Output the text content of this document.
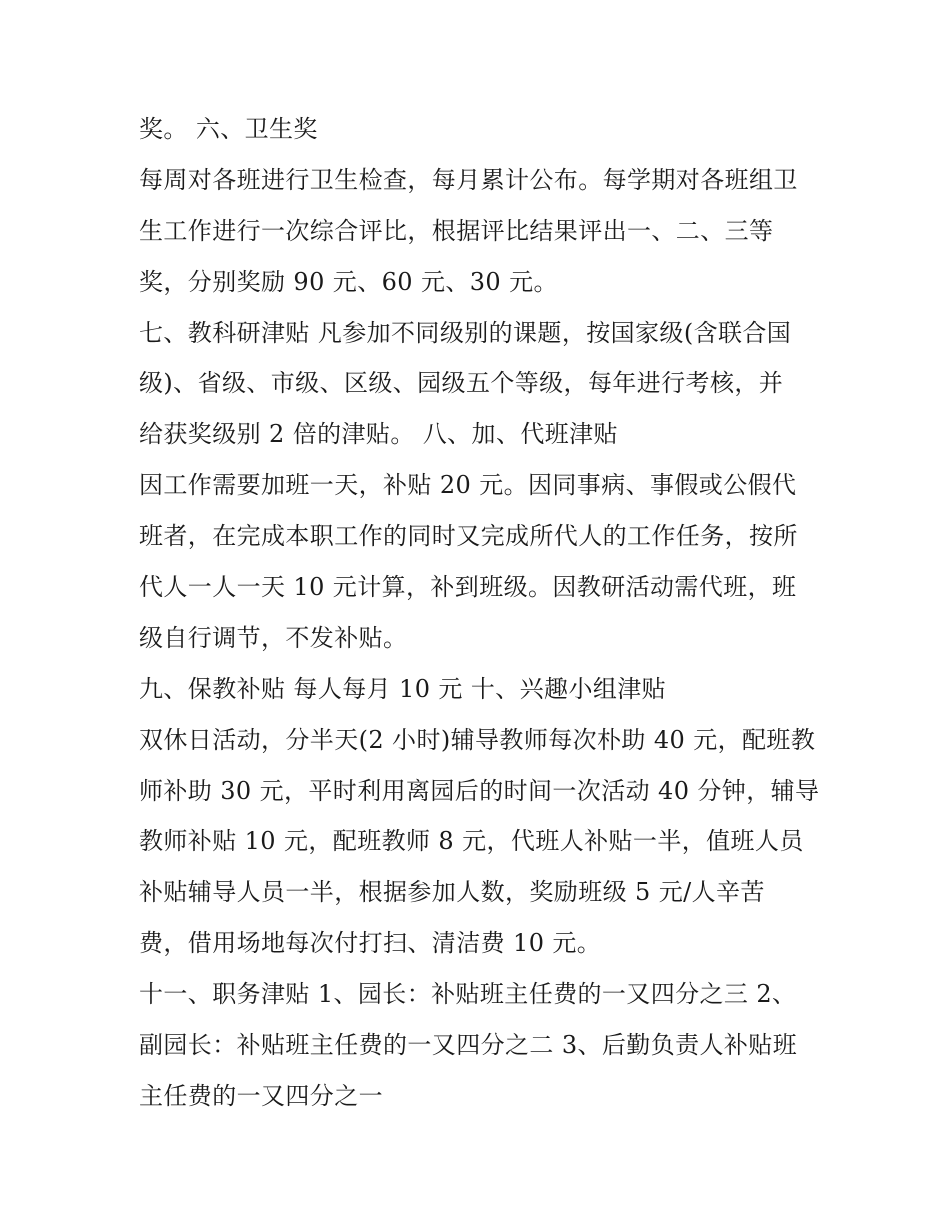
奖。 六、卫生奖

每周对各班进行卫生检查，每月累计公布。每学期对各班组卫

生工作进行一次综合评比，根据评比结果评出一、二、三等

奖，分别奖励 90 元、60 元、30 元。

七、教科研津贴 凡参加不同级别的课题，按国家级(含联合国

级)、省级、市级、区级、园级五个等级，每年进行考核，并

给获奖级别 2 倍的津贴。 八、加、代班津贴

因工作需要加班一天，补贴 20 元。因同事病、事假或公假代

班者，在完成本职工作的同时又完成所代人的工作任务，按所

代人一人一天 10 元计算，补到班级。因教研活动需代班，班

级自行调节，不发补贴。

九、保教补贴 每人每月 10 元 十、兴趣小组津贴

双休日活动，分半天(2 小时)辅导教师每次朴助 40 元，配班教

师补助 30 元，平时利用离园后的时间一次活动 40 分钟，辅导

教师补贴 10 元，配班教师 8 元，代班人补贴一半，值班人员

补贴辅导人员一半，根据参加人数，奖励班级 5 元/人辛苦

费，借用场地每次付打扫、清洁费 10 元。

十一、职务津贴 1、园长：补贴班主任费的一又四分之三 2、

副园长：补贴班主任费的一又四分之二 3、后勤负责人补贴班

主任费的一又四分之一
